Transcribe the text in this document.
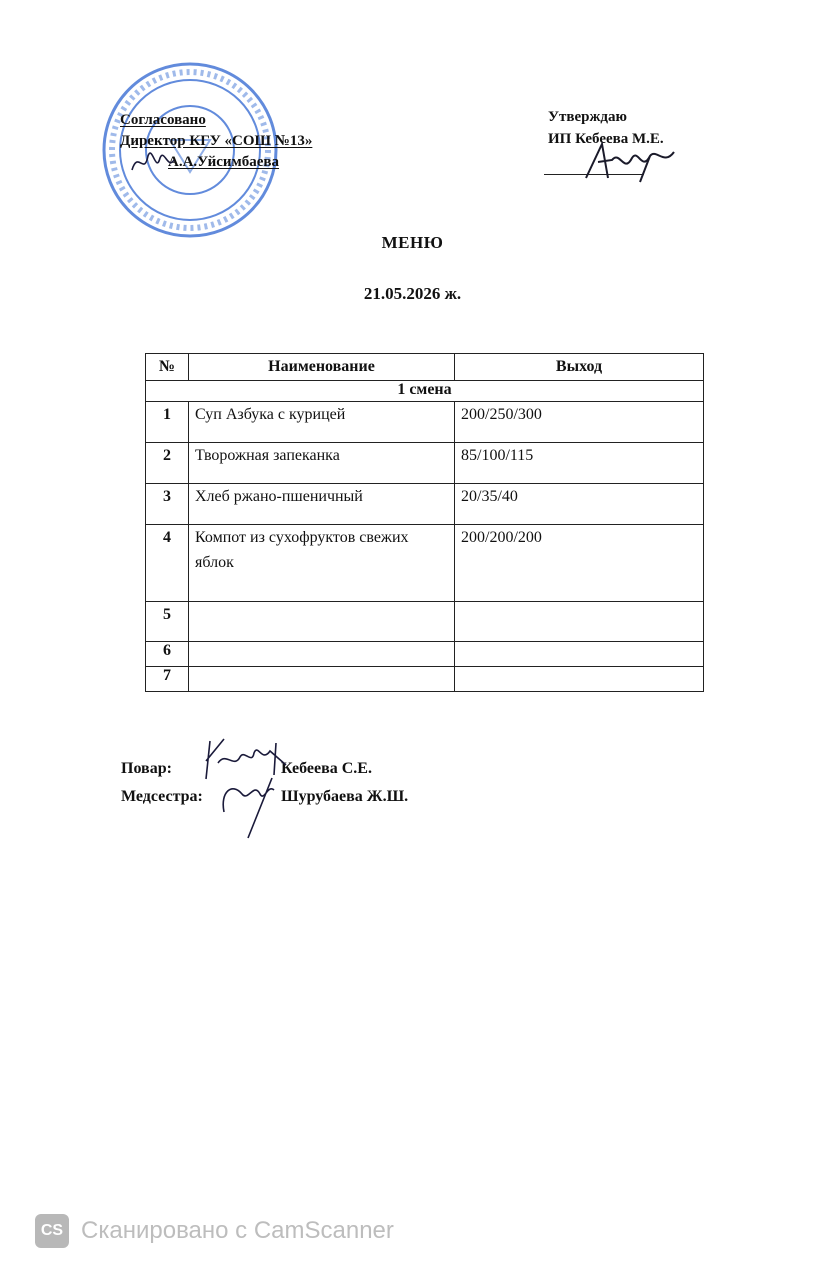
Согласовано
Директор КГУ «СОШ №13»
А.А.Уйсимбаева
Утверждаю
ИП Кебеева М.Е.
МЕНЮ
21.05.2026 ж.
№	Наименование	Выход
1 смена		
1	Суп Азбука с курицей	200/250/300
2	Творожная запеканка	85/100/115
3	Хлеб ржано-пшеничный	20/35/40
4	Компот из сухофруктов свежих яблок	200/200/200
5		
6		
7		
Повар:	Кебеева С.Е.
Медсестра:	Шурубаева Ж.Ш.
CS Сканировано с CamScanner
